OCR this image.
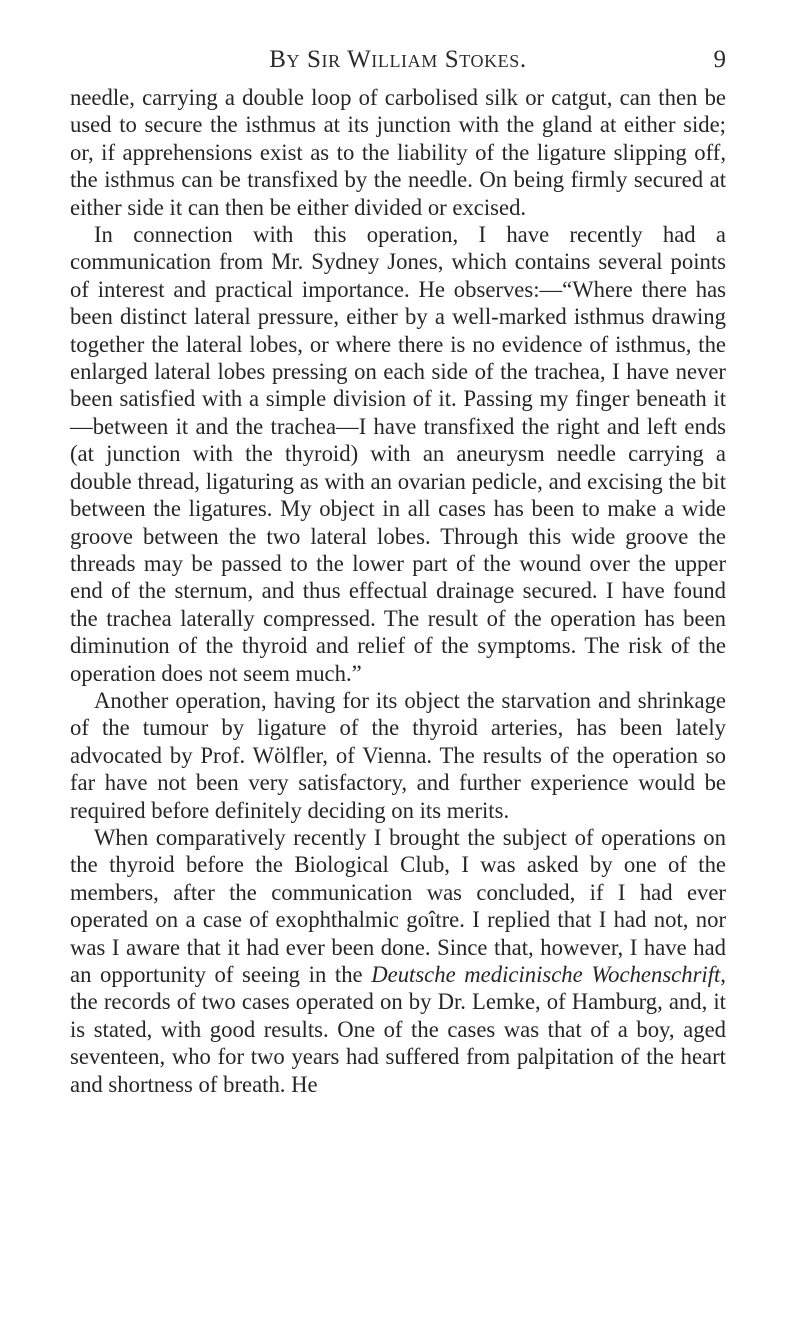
By Sir William Stokes.	9

needle, carrying a double loop of carbolised silk or catgut, can then be used to secure the isthmus at its junction with the gland at either side; or, if apprehensions exist as to the liability of the ligature slipping off, the isthmus can be transfixed by the needle. On being firmly secured at either side it can then be either divided or excised.

In connection with this operation, I have recently had a communication from Mr. Sydney Jones, which contains several points of interest and practical importance. He observes:—“Where there has been distinct lateral pressure, either by a well-marked isthmus drawing together the lateral lobes, or where there is no evidence of isthmus, the enlarged lateral lobes pressing on each side of the trachea, I have never been satisfied with a simple division of it. Passing my finger beneath it—between it and the trachea—I have transfixed the right and left ends (at junction with the thyroid) with an aneurysm needle carrying a double thread, ligaturing as with an ovarian pedicle, and excising the bit between the ligatures. My object in all cases has been to make a wide groove between the two lateral lobes. Through this wide groove the threads may be passed to the lower part of the wound over the upper end of the sternum, and thus effectual drainage secured. I have found the trachea laterally compressed. The result of the operation has been diminution of the thyroid and relief of the symptoms. The risk of the operation does not seem much.”

Another operation, having for its object the starvation and shrinkage of the tumour by ligature of the thyroid arteries, has been lately advocated by Prof. Wölfler, of Vienna. The results of the operation so far have not been very satisfactory, and further experience would be required before definitely deciding on its merits.

When comparatively recently I brought the subject of operations on the thyroid before the Biological Club, I was asked by one of the members, after the communication was concluded, if I had ever operated on a case of exophthalmic goître. I replied that I had not, nor was I aware that it had ever been done. Since that, however, I have had an opportunity of seeing in the Deutsche medicinische Wochenschrift, the records of two cases operated on by Dr. Lemke, of Hamburg, and, it is stated, with good results. One of the cases was that of a boy, aged seventeen, who for two years had suffered from palpitation of the heart and shortness of breath. He
